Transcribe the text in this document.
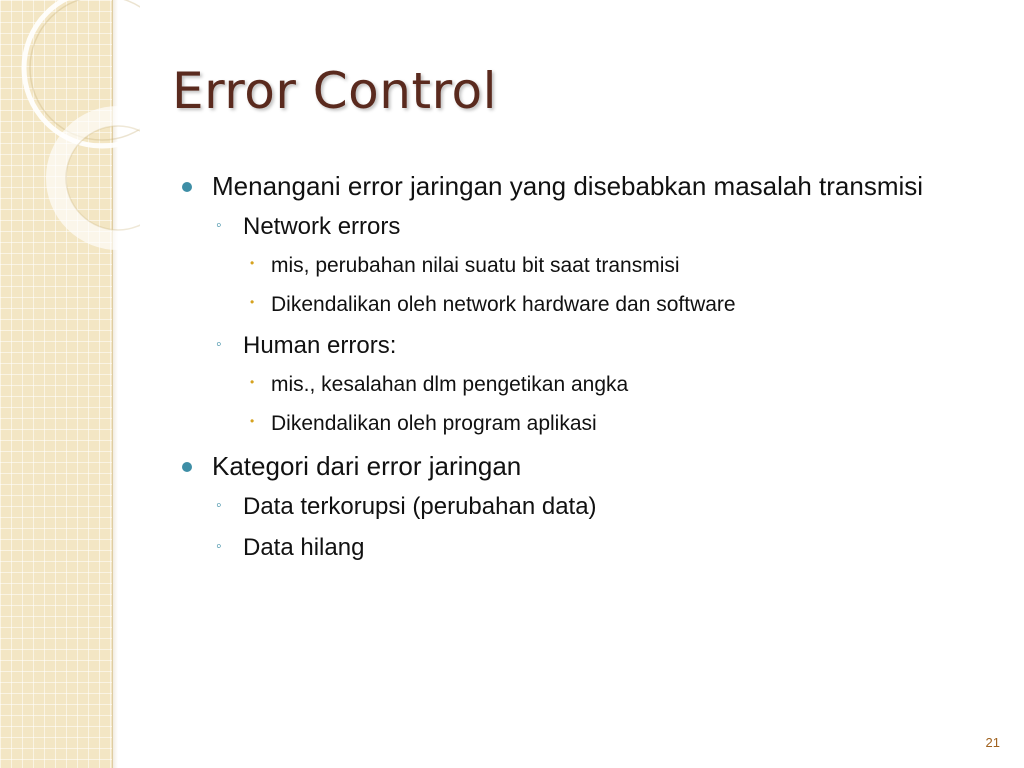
Error Control
Menangani error jaringan yang disebabkan masalah transmisi
◦ Network errors
• mis, perubahan nilai suatu bit saat transmisi
• Dikendalikan oleh network hardware dan software
◦ Human errors:
• mis., kesalahan dlm pengetikan angka
• Dikendalikan oleh program aplikasi
Kategori dari error jaringan
◦ Data terkorupsi (perubahan data)
◦ Data hilang
21
